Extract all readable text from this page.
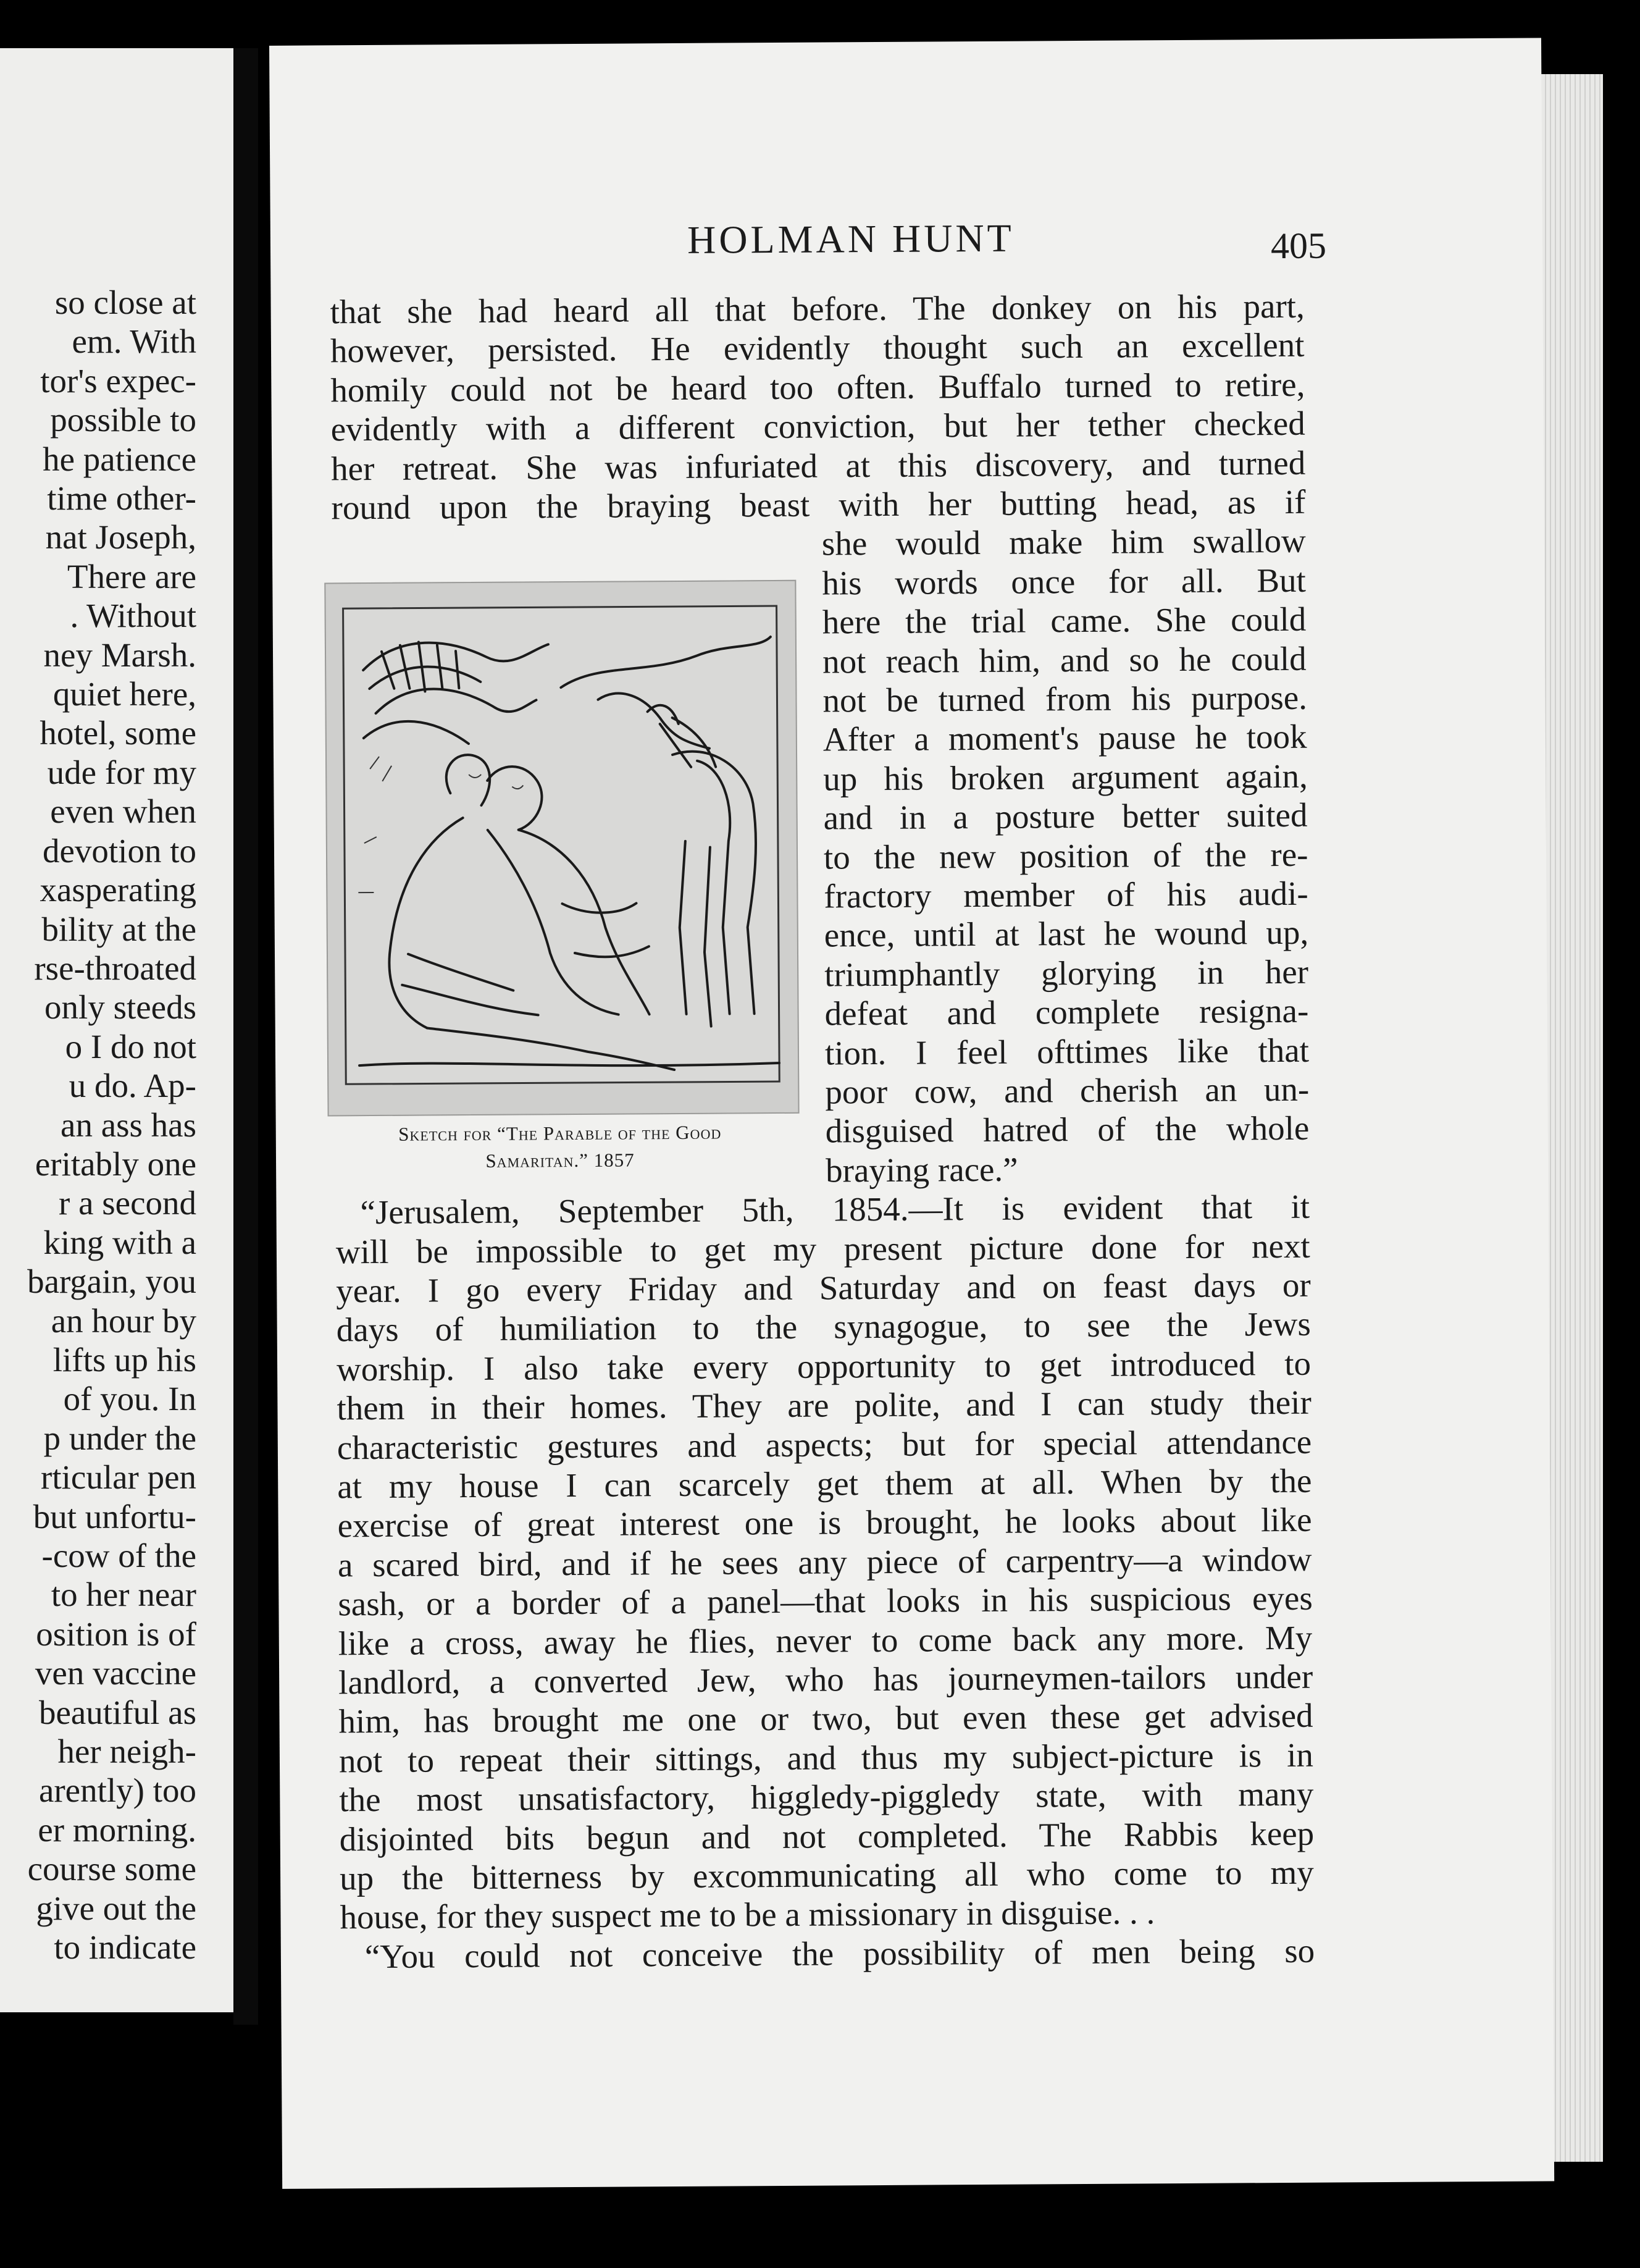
so close at
em. With
tor's expec-
possible to
he patience
time other-
nat Joseph,
There are
. Without
ney Marsh.
quiet here,
hotel, some
ude for my
even when
devotion to
xasperating
bility at the
rse-throated
only steeds
o I do not
u do. Ap-
an ass has
eritably one
r a second
king with a
bargain, you
an hour by
lifts up his
of you. In
p under the
rticular pen
but unfortu-
-cow of the
to her near
osition is of
ven vaccine
beautiful as
her neigh-
arently) too
er morning.
course some
give out the
to indicate
HOLMAN HUNT	405
Sketch for “The Parable of the Good
Samaritan.” 1857
that she had heard all that before. The donkey on his part,
however, persisted. He evidently thought such an excellent
homily could not be heard too often. Buffalo turned to retire,
evidently with a different conviction, but her tether checked
her retreat. She was infuriated at this discovery, and turned
round upon the braying beast with her butting head, as if
she would make him swallow
his words once for all. But
here the trial came. She could
not reach him, and so he could
not be turned from his purpose.
After a moment's pause he took
up his broken argument again,
and in a posture better suited
to the new position of the re-
fractory member of his audi-
ence, until at last he wound up,
triumphantly glorying in her
defeat and complete resigna-
tion. I feel ofttimes like that
poor cow, and cherish an un-
disguised hatred of the whole
braying race.”
“Jerusalem, September 5th, 1854.—It is evident that it
will be impossible to get my present picture done for next
year. I go every Friday and Saturday and on feast days or
days of humiliation to the synagogue, to see the Jews
worship. I also take every opportunity to get introduced to
them in their homes. They are polite, and I can study their
characteristic gestures and aspects; but for special attendance
at my house I can scarcely get them at all. When by the
exercise of great interest one is brought, he looks about like
a scared bird, and if he sees any piece of carpentry—a window
sash, or a border of a panel—that looks in his suspicious eyes
like a cross, away he flies, never to come back any more. My
landlord, a converted Jew, who has journeymen-tailors under
him, has brought me one or two, but even these get advised
not to repeat their sittings, and thus my subject-picture is in
the most unsatisfactory, higgledy-piggledy state, with many
disjointed bits begun and not completed. The Rabbis keep
up the bitterness by excommunicating all who come to my
house, for they suspect me to be a missionary in disguise. . .
“You could not conceive the possibility of men being so
